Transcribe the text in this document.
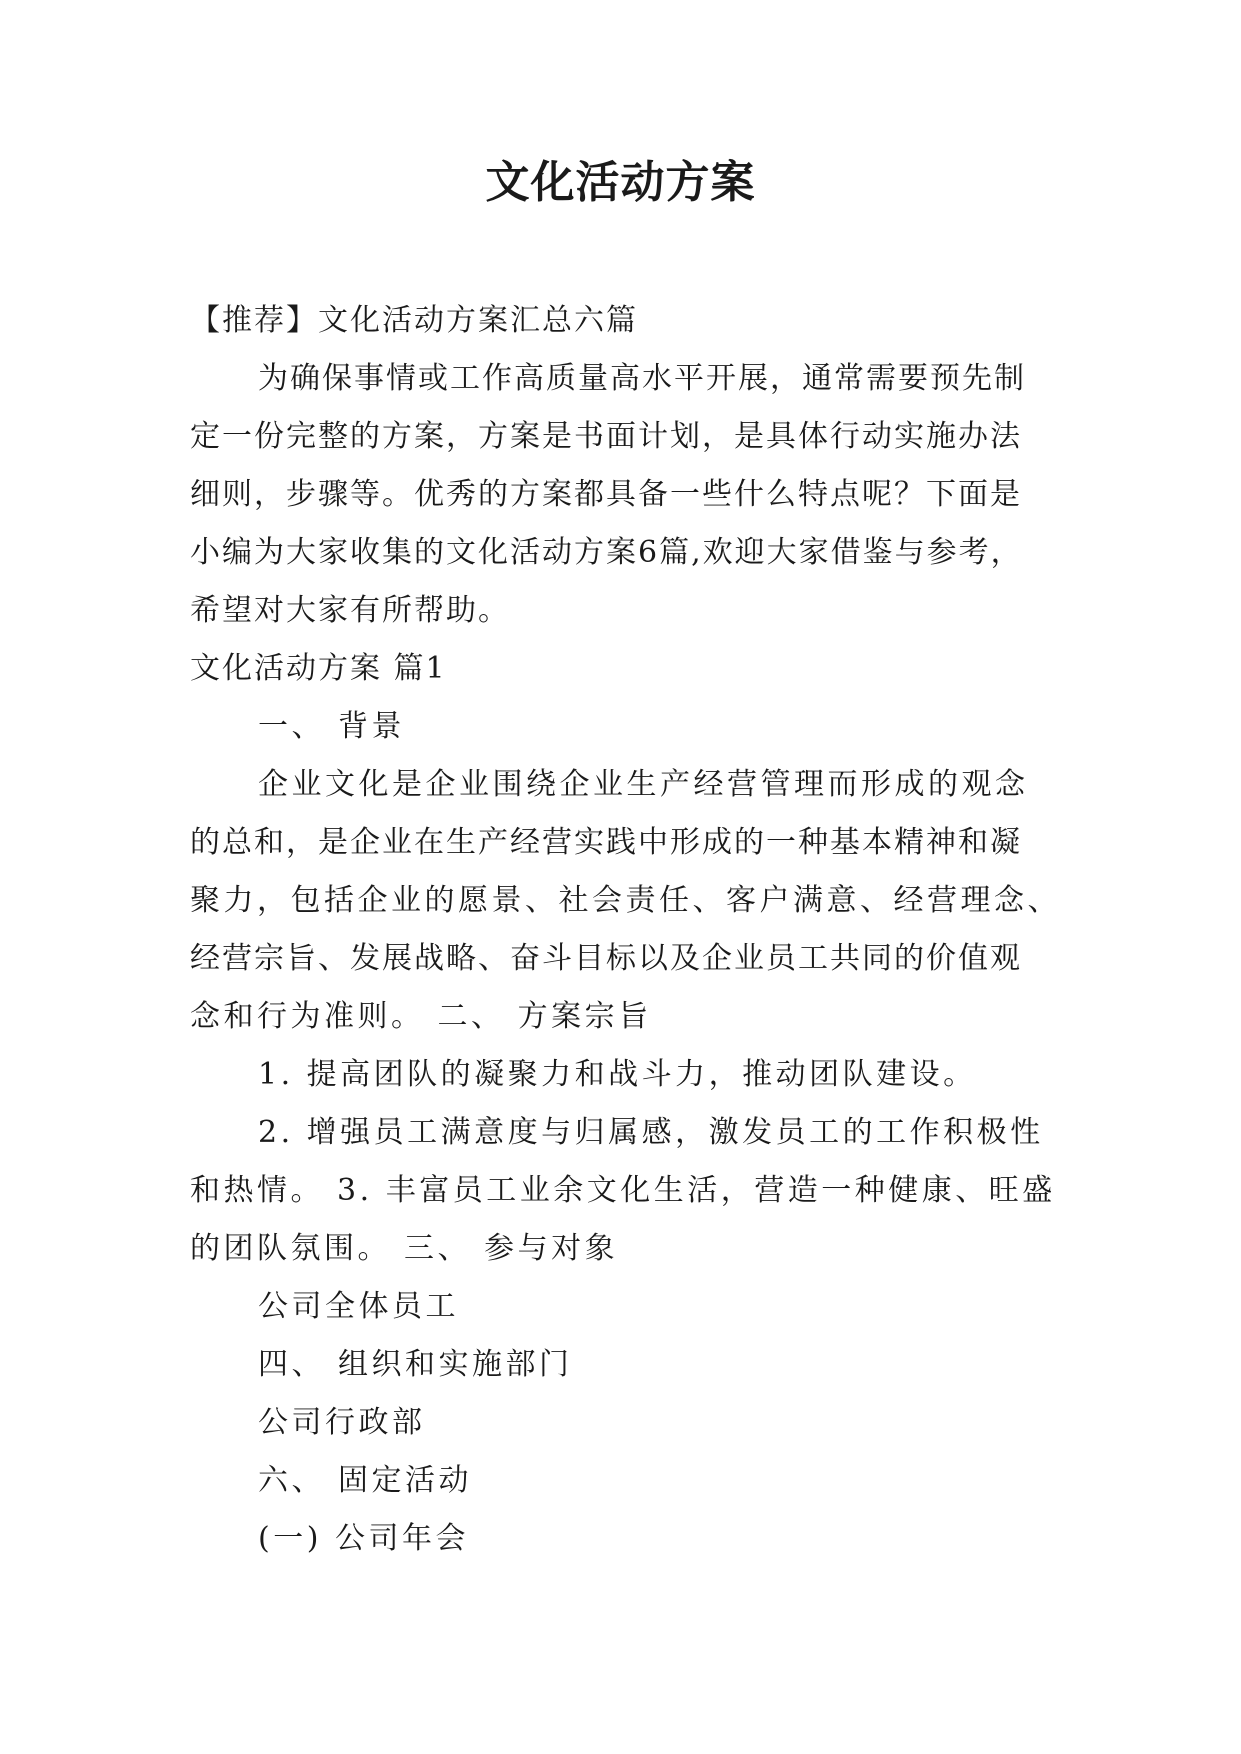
文化活动方案
【推荐】文化活动方案汇总六篇
为确保事情或工作高质量高水平开展，通常需要预先制
定一份完整的方案，方案是书面计划，是具体行动实施办法
细则，步骤等。优秀的方案都具备一些什么特点呢？下面是
小编为大家收集的文化活动方案6篇,欢迎大家借鉴与参考，
希望对大家有所帮助。
文化活动方案 篇1
一、 背景
企业文化是企业围绕企业生产经营管理而形成的观念
的总和，是企业在生产经营实践中形成的一种基本精神和凝
聚力，包括企业的愿景、社会责任、客户满意、经营理念、
经营宗旨、发展战略、奋斗目标以及企业员工共同的价值观
念和行为准则。 二、 方案宗旨
1. 提高团队的凝聚力和战斗力，推动团队建设。
2. 增强员工满意度与归属感，激发员工的工作积极性
和热情。 3. 丰富员工业余文化生活，营造一种健康、旺盛
的团队氛围。 三、 参与对象
公司全体员工
四、 组织和实施部门
公司行政部
六、 固定活动
(一) 公司年会
